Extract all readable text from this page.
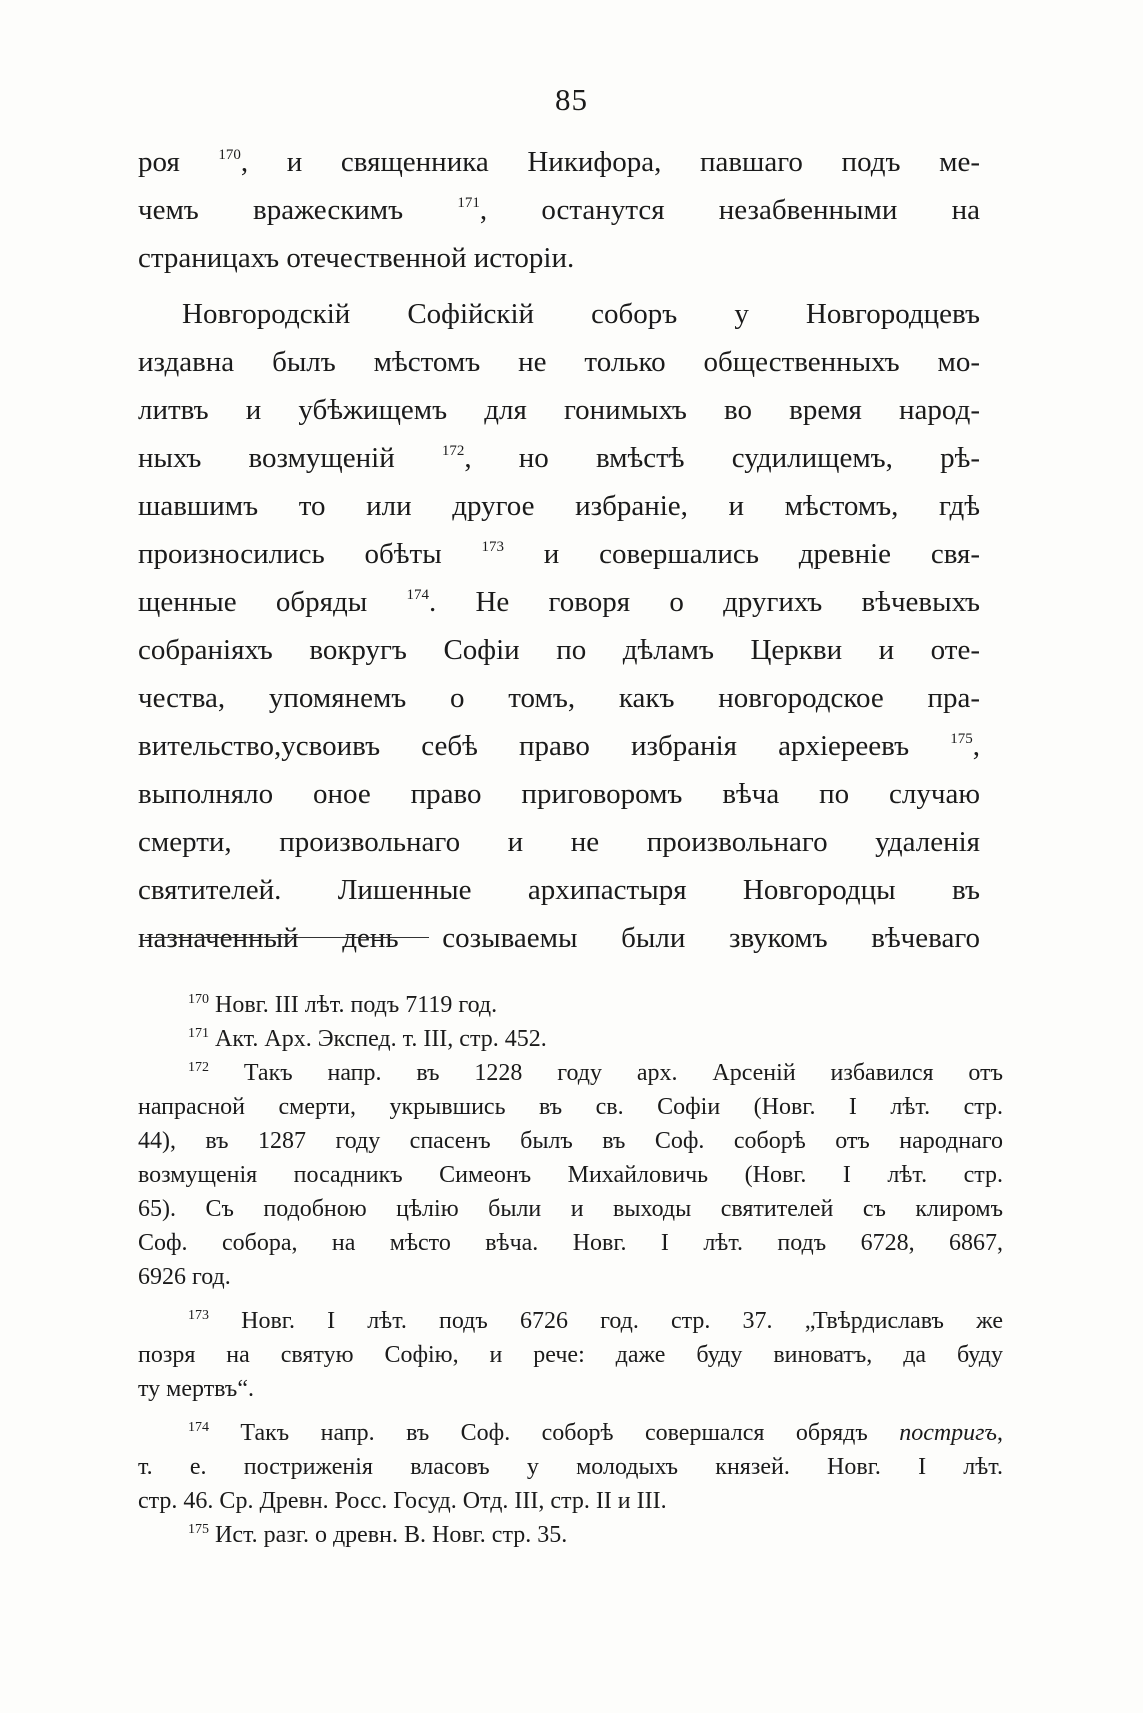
85
роя $^{170}$, и священника Никифора, павшаго подъ ме-
чемъ вражескимъ $^{171}$, останутся незабвенными на
страницахъ отечественной исторіи.
Новгородскій Софійскій соборъ у Новгородцевъ
издавна былъ мѣстомъ не только общественныхъ мо-
литвъ и убѣжищемъ для гонимыхъ во время народ-
ныхъ возмущеній $^{172}$, но вмѣстѣ судилищемъ, рѣ-
шавшимъ то или другое избраніе, и мѣстомъ, гдѣ
произносились обѣты $^{173}$ и совершались древніе свя-
щенные обряды $^{174}$. Не говоря о другихъ вѣчевыхъ
собраніяхъ вокругъ Софіи по дѣламъ Церкви и оте-
чества, упомянемъ о томъ, какъ новгородское пра-
вительство,усвоивъ себѣ право избранія архіереевъ $^{175}$,
выполняло оное право приговоромъ вѣча по случаю
смерти, произвольнаго и не произвольнаго удаленія
святителей. Лишенные архипастыря Новгородцы въ
назначенный день созываемы были звукомъ вѣчеваго
$^{170}$ Новг. III лѣт. подъ 7119 год.
$^{171}$ Акт. Арх. Экспед. т. III, стр. 452.
$^{172}$ Такъ напр. въ 1228 году арх. Арсеній избавился отъ
напрасной смерти, укрывшись въ св. Софіи (Новг. I лѣт. стр.
44), въ 1287 году спасенъ былъ въ Соф. соборѣ отъ народнаго
возмущенія посадникъ Симеонъ Михайловичь (Новг. I лѣт. стр.
65). Съ подобною цѣлію были и выходы святителей съ клиромъ
Соф. собора, на мѣсто вѣча. Новг. I лѣт. подъ 6728, 6867,
6926 год.
$^{173}$ Новг. I лѣт. подъ 6726 год. стр. 37. „Твѣрдиславъ же
позря на святую Софію, и рече: даже буду виноватъ, да буду
ту мертвъ“.
$^{174}$ Такъ напр. въ Соф. соборѣ совершался обрядъ постригъ,
т. е. постриженія власовъ у молодыхъ князей. Новг. I лѣт.
стр. 46. Ср. Древн. Росс. Госуд. Отд. III, стр. II и III.
$^{175}$ Ист. разг. о древн. В. Новг. стр. 35.
